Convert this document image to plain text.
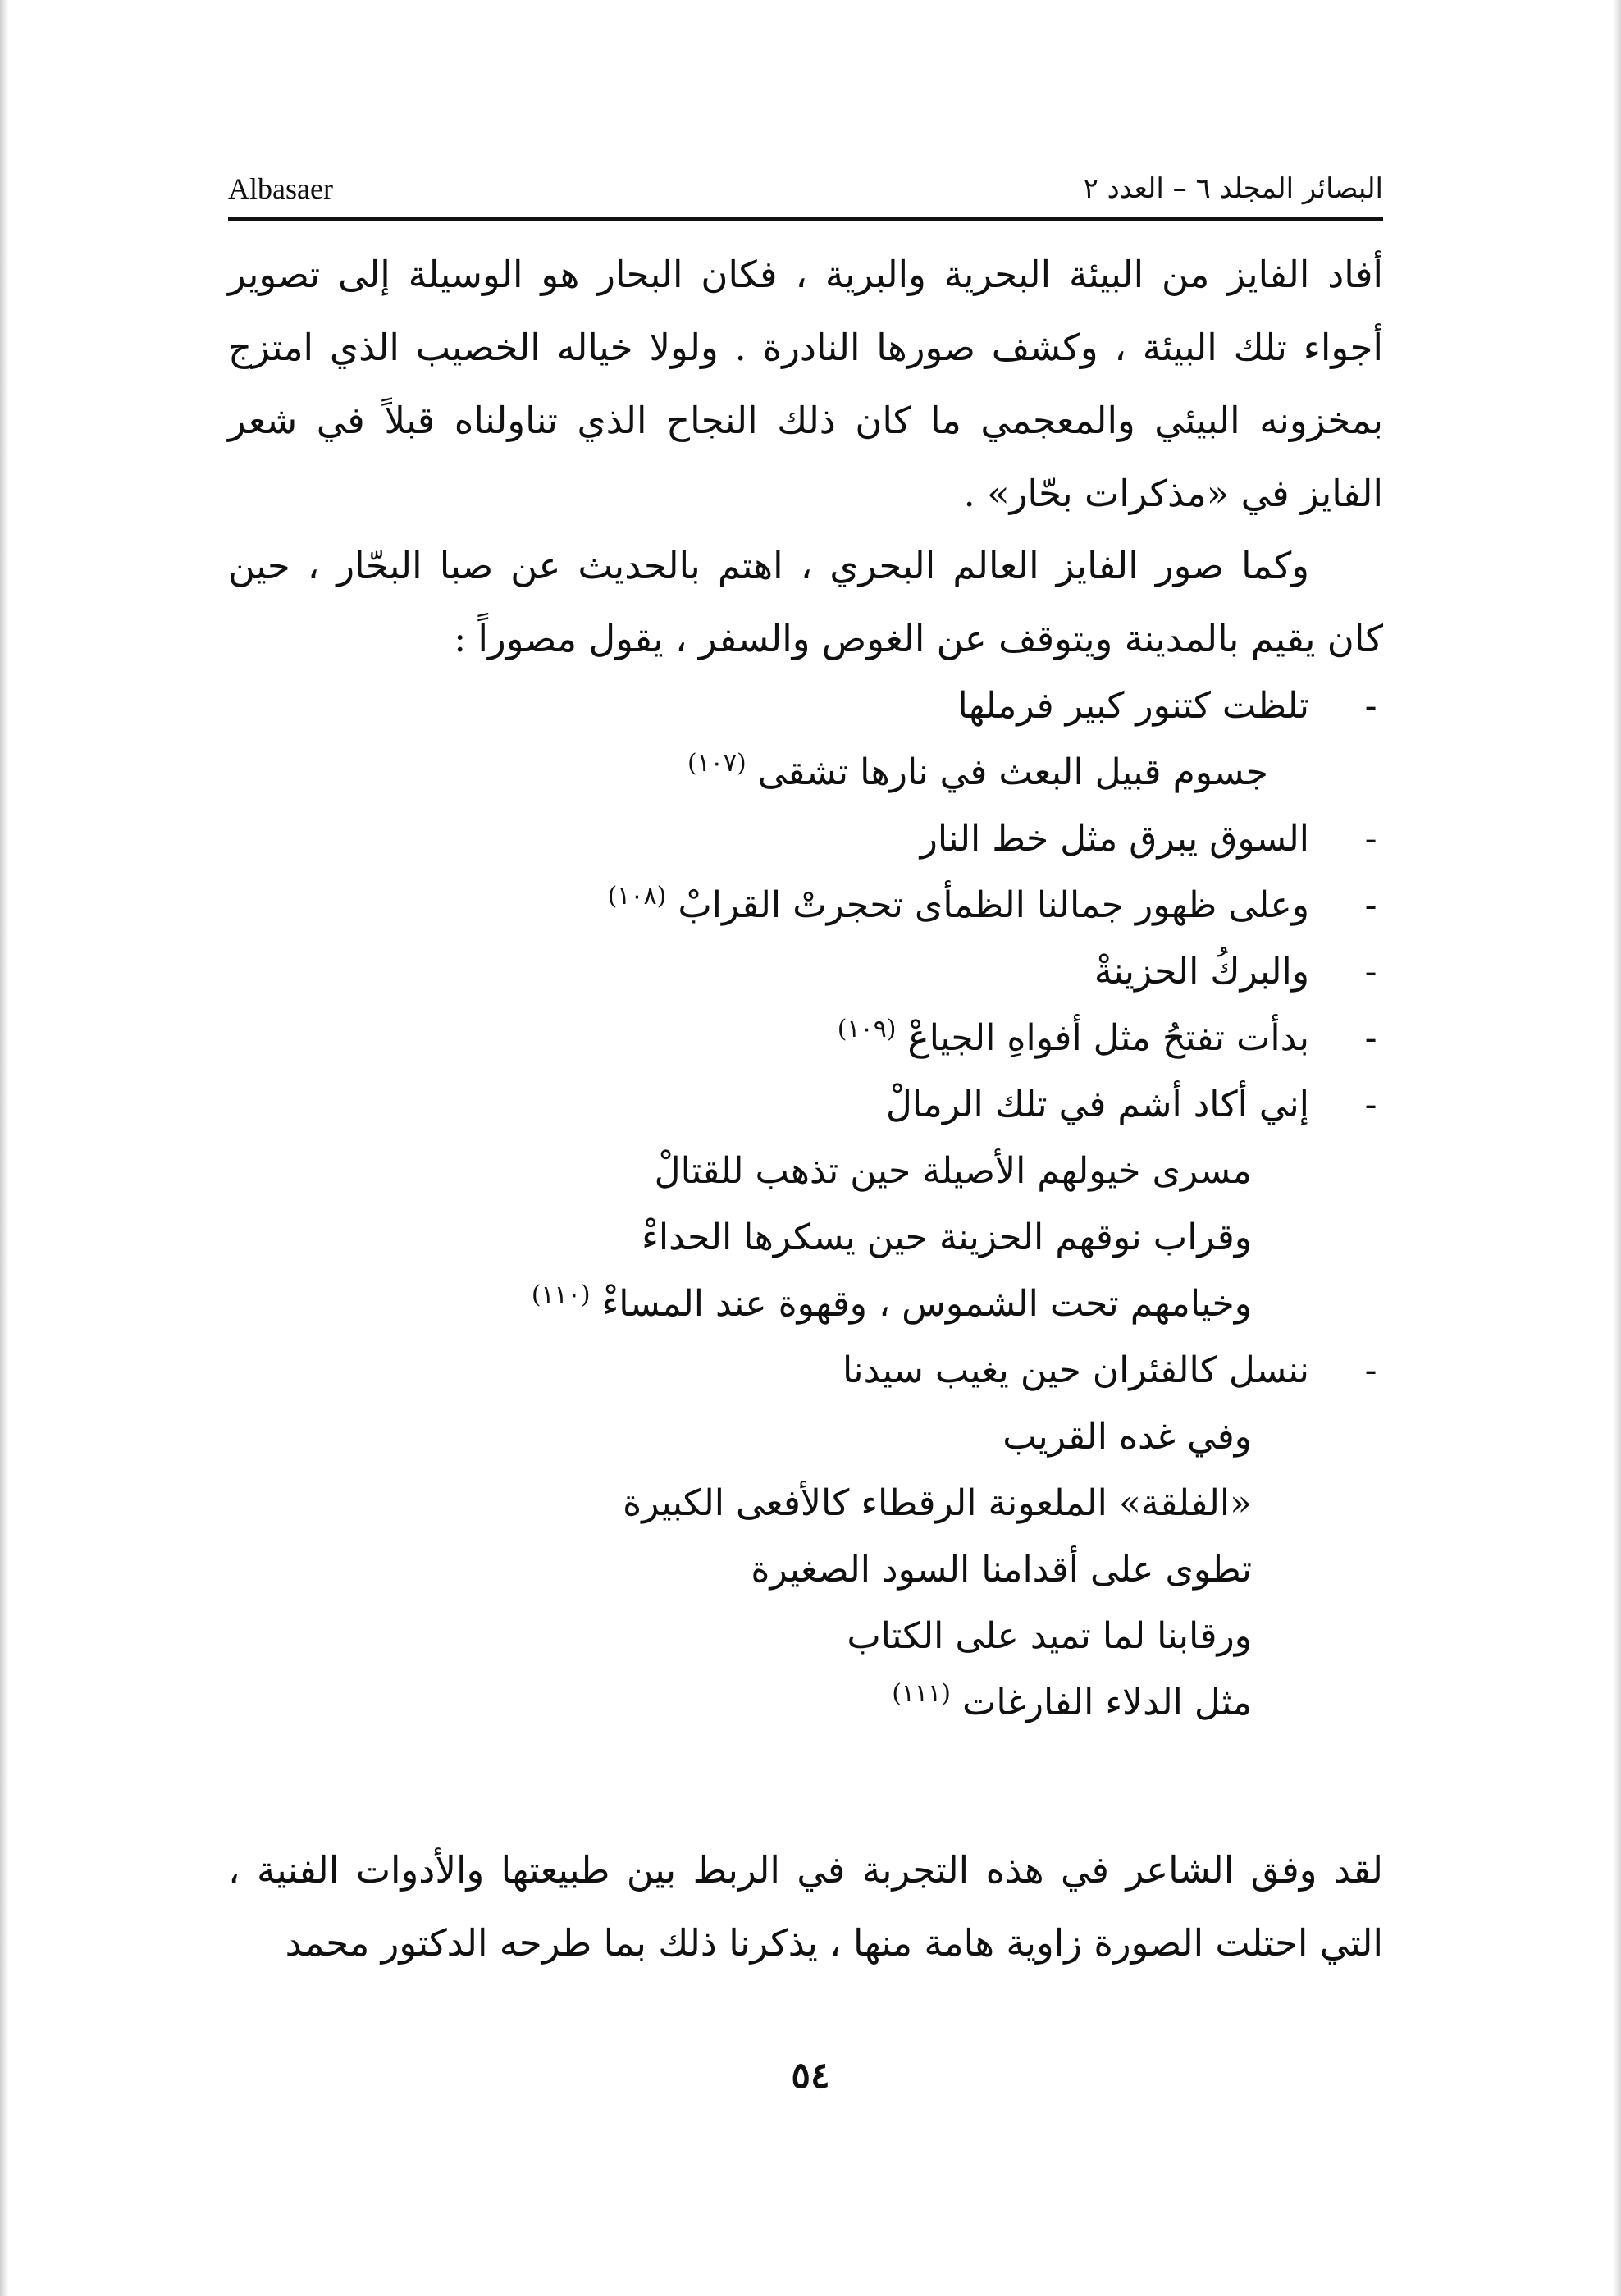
البصائر المجلد ٦ – العدد ٢
Albasaer
أفاد الفايز من البيئة البحرية والبرية ، فكان البحار هو الوسيلة إلى تصوير أجواء تلك البيئة ، وكشف صورها النادرة . ولولا خياله الخصيب الذي امتزج بمخزونه البيئي والمعجمي ما كان ذلك النجاح الذي تناولناه قبلاً في شعر الفايز في «مذكرات بحّار» .
وكما صور الفايز العالم البحري ، اهتم بالحديث عن صبا البحّار ، حين كان يقيم بالمدينة ويتوقف عن الغوص والسفر ، يقول مصوراً :
-
تلظت كتنور كبير فرملها
جسوم قبيل البعث في نارها تشقى$^{(١٠٧)}$
-
السوق يبرق مثل خط النار
-
وعلى ظهور جمالنا الظمأى تحجرتْ القرابْ$^{(١٠٨)}$
-
والبركُ الحزينةْ
-
بدأت تفتحُ مثل أفواهِ الجياعْ$^{(١٠٩)}$
-
إني أكاد أشم في تلك الرمالْ
مسرى خيولهم الأصيلة حين تذهب للقتالْ
وقراب نوقهم الحزينة حين يسكرها الحداءْ
وخيامهم تحت الشموس ، وقهوة عند المساءْ$^{(١١٠)}$
-
ننسل كالفئران حين يغيب سيدنا
وفي غده القريب
«الفلقة» الملعونة الرقطاء كالأفعى الكبيرة
تطوى على أقدامنا السود الصغيرة
ورقابنا لما تميد على الكتاب
مثل الدلاء الفارغات$^{(١١١)}$
لقد وفق الشاعر في هذه التجربة في الربط بين طبيعتها والأدوات الفنية ، التي احتلت الصورة زاوية هامة منها ، يذكرنا ذلك بما طرحه الدكتور محمد
٥٤
